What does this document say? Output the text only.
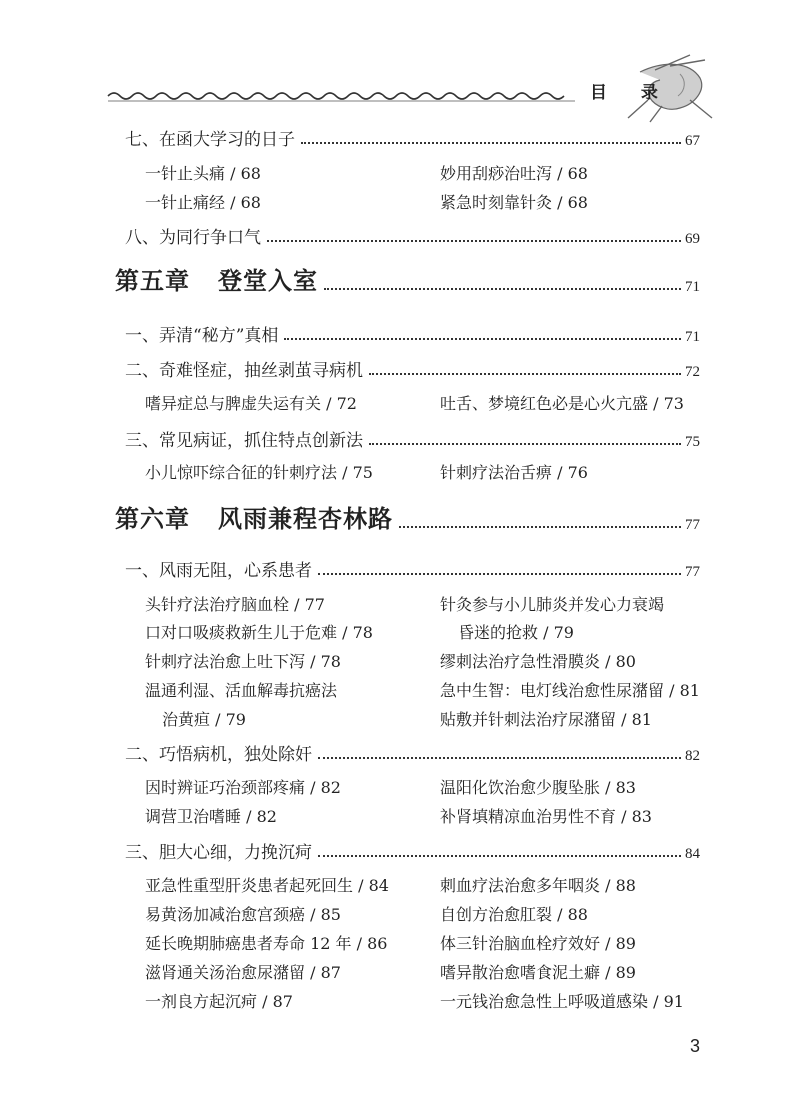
目 录
七、在函大学习的日子	67
一针止头痛 / 68	妙用刮痧治吐泻 / 68
一针止痛经 / 68	紧急时刻靠针灸 / 68
八、为同行争口气	69
第五章 登堂入室	71
一、弄清“秘方”真相	71
二、奇难怪症，抽丝剥茧寻病机	72
嗜异症总与脾虚失运有关 / 72	吐舌、梦境红色必是心火亢盛 / 73
三、常见病证，抓住特点创新法	75
小儿惊吓综合征的针刺疗法 / 75	针刺疗法治舌痹 / 76
第六章 风雨兼程杏林路	77
一、风雨无阻，心系患者	77
头针疗法治疗脑血栓 / 77	针灸参与小儿肺炎并发心力衰竭
口对口吸痰救新生儿于危难 / 78	昏迷的抢救 / 79
针刺疗法治愈上吐下泻 / 78	缪刺法治疗急性滑膜炎 / 80
温通利湿、活血解毒抗癌法	急中生智：电灯线治愈性尿潴留 / 81
治黄疸 / 79	贴敷并针刺法治疗尿潴留 / 81
二、巧悟病机，独处除奸	82
因时辨证巧治颈部疼痛 / 82	温阳化饮治愈少腹坠胀 / 83
调营卫治嗜睡 / 82	补肾填精凉血治男性不育 / 83
三、胆大心细，力挽沉疴	84
亚急性重型肝炎患者起死回生 / 84	刺血疗法治愈多年咽炎 / 88
易黄汤加减治愈宫颈癌 / 85	自创方治愈肛裂 / 88
延长晚期肺癌患者寿命 12 年 / 86	体三针治脑血栓疗效好 / 89
滋肾通关汤治愈尿潴留 / 87	嗜异散治愈嗜食泥土癖 / 89
一剂良方起沉疴 / 87	一元钱治愈急性上呼吸道感染 / 91
3
